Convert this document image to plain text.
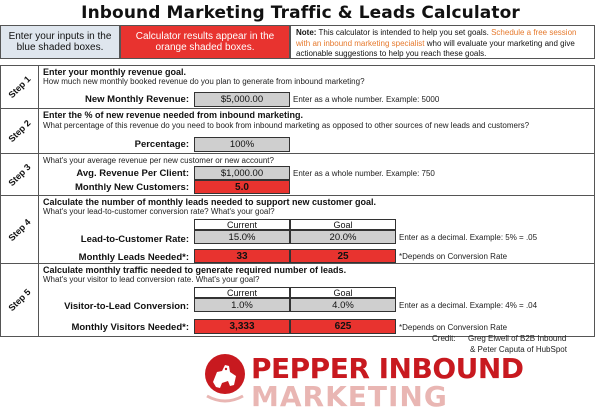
Inbound Marketing Traffic & Leads Calculator
Enter your inputs in the blue shaded boxes.
Calculator results appear in the orange shaded boxes.
Note: This calculator is intended to help you set goals. Schedule a free session with an inbound marketing specialist who will evaluate your marketing and give actionable suggestions to help you reach these goals.
Step 1
Enter your monthly revenue goal.
How much new monthly booked revenue do you plan to generate from inbound marketing?
New Monthly Revenue:	$5,000.00	Enter as a whole number. Example: 5000
Step 2
Enter the % of new revenue needed from inbound marketing.
What percentage of this revenue do you need to book from inbound marketing as opposed to other sources of new leads and customers?
Percentage:	100%
Step 3
What's your average revenue per new customer or new account?
Avg. Revenue Per Client:	$1,000.00	Enter as a whole number. Example: 750
Monthly New Customers:	5.0
Step 4
Calculate the number of monthly leads needed to support new customer goal.
What's your lead-to-customer conversion rate? What's your goal?
Current	Goal
Lead-to-Customer Rate:	15.0%	20.0%	Enter as a decimal. Example: 5% = .05
Monthly Leads Needed*:	33	25	*Depends on Conversion Rate
Step 5
Calculate monthly traffic needed to generate required number of leads.
What's your visitor to lead conversion rate. What's your goal?
Current	Goal
Visitor-to-Lead Conversion:	1.0%	4.0%	Enter as a decimal. Example: 4% = .04
Monthly Visitors Needed*:	3,333	625	*Depends on Conversion Rate
Credit: Greg Elwell of B2B Inbound
& Peter Caputa of HubSpot
PEPPER INBOUND
MARKETING
